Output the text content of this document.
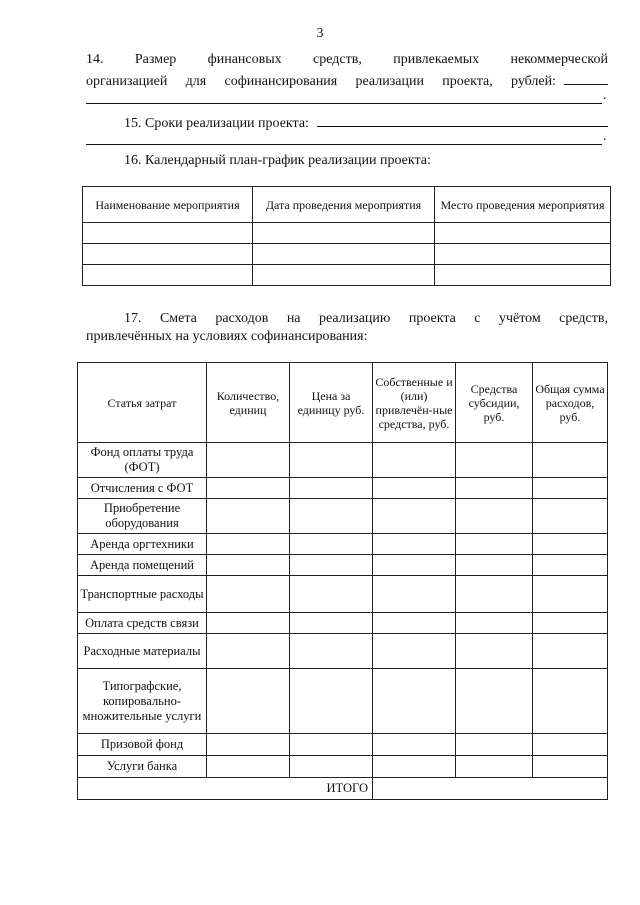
3
14. Размер финансовых средств, привлекаемых некоммерческой
организацией для софинансирования реализации проекта, рублей:
.
15. Сроки реализации проекта:
.
16. Календарный план-график реализации проекта:
Наименование мероприятия	Дата проведения мероприятия	Место проведения мероприятия

17. Смета расходов на реализацию проекта с учётом средств,
привлечённых на условиях софинансирования:
Статья затрат	Количество, единиц	Цена за единицу руб.	Собственные и (или) привлечён-ные средства, руб.	Средства субсидии, руб.	Общая сумма расходов, руб.
Фонд оплаты труда (ФОТ)					
Отчисления с ФОТ					
Приобретение оборудования					
Аренда оргтехники					
Аренда помещений					
Транспортные расходы					
Оплата средств связи					
Расходные материалы					
Типографские, копировально-множительные услуги					
Призовой фонд					
Услуги банка					
ИТОГО					
